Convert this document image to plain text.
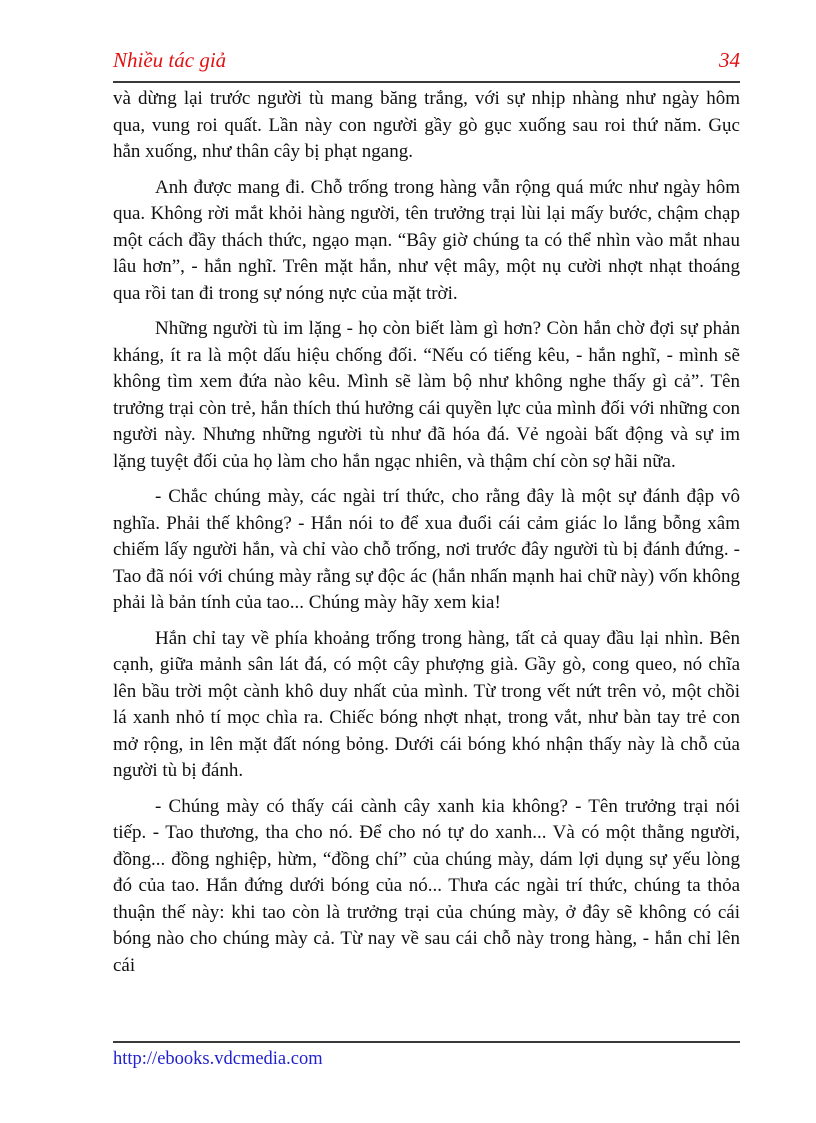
Nhiều tác giả	34

và dừng lại trước người tù mang băng trắng, với sự nhịp nhàng như ngày hôm qua, vung roi quất. Lần này con người gầy gò gục xuống sau roi thứ năm. Gục hẳn xuống, như thân cây bị phạt ngang.

Anh được mang đi. Chỗ trống trong hàng vẫn rộng quá mức như ngày hôm qua. Không rời mắt khỏi hàng người, tên trưởng trại lùi lại mấy bước, chậm chạp một cách đầy thách thức, ngạo mạn. “Bây giờ chúng ta có thể nhìn vào mắt nhau lâu hơn”, - hắn nghĩ. Trên mặt hắn, như vệt mây, một nụ cười nhợt nhạt thoáng qua rồi tan đi trong sự nóng nực của mặt trời.

Những người tù im lặng - họ còn biết làm gì hơn? Còn hắn chờ đợi sự phản kháng, ít ra là một dấu hiệu chống đối. “Nếu có tiếng kêu, - hắn nghĩ, - mình sẽ không tìm xem đứa nào kêu. Mình sẽ làm bộ như không nghe thấy gì cả”. Tên trưởng trại còn trẻ, hắn thích thú hưởng cái quyền lực của mình đối với những con người này. Nhưng những người tù như đã hóa đá. Vẻ ngoài bất động và sự im lặng tuyệt đối của họ làm cho hắn ngạc nhiên, và thậm chí còn sợ hãi nữa.

- Chắc chúng mày, các ngài trí thức, cho rằng đây là một sự đánh đập vô nghĩa. Phải thế không? - Hắn nói to để xua đuổi cái cảm giác lo lắng bỗng xâm chiếm lấy người hắn, và chỉ vào chỗ trống, nơi trước đây người tù bị đánh đứng. - Tao đã nói với chúng mày rằng sự độc ác (hắn nhấn mạnh hai chữ này) vốn không phải là bản tính của tao... Chúng mày hãy xem kia!

Hắn chỉ tay về phía khoảng trống trong hàng, tất cả quay đầu lại nhìn. Bên cạnh, giữa mảnh sân lát đá, có một cây phượng già. Gầy gò, cong queo, nó chĩa lên bầu trời một cành khô duy nhất của mình. Từ trong vết nứt trên vỏ, một chồi lá xanh nhỏ tí mọc chìa ra. Chiếc bóng nhợt nhạt, trong vắt, như bàn tay trẻ con mở rộng, in lên mặt đất nóng bỏng. Dưới cái bóng khó nhận thấy này là chỗ của người tù bị đánh.

- Chúng mày có thấy cái cành cây xanh kia không? - Tên trưởng trại nói tiếp. - Tao thương, tha cho nó. Để cho nó tự do xanh... Và có một thằng người, đồng... đồng nghiệp, hừm, “đồng chí” của chúng mày, dám lợi dụng sự yếu lòng đó của tao. Hắn đứng dưới bóng của nó... Thưa các ngài trí thức, chúng ta thỏa thuận thế này: khi tao còn là trưởng trại của chúng mày, ở đây sẽ không có cái bóng nào cho chúng mày cả. Từ nay về sau cái chỗ này trong hàng, - hắn chỉ lên cái

http://ebooks.vdcmedia.com
